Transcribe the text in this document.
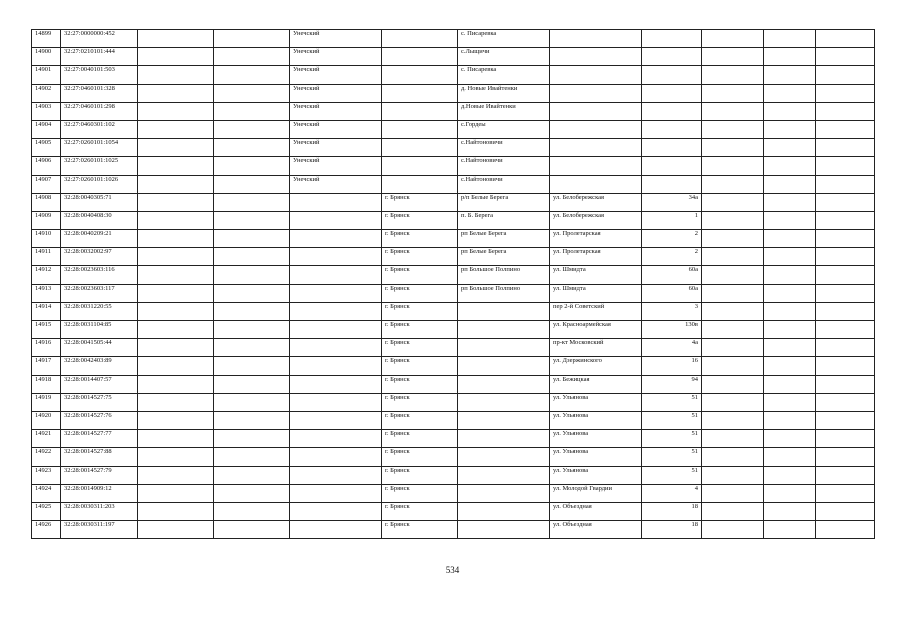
14899	32:27:0000000:452			Унечский		с. Писаревка					
14900	32:27:0210101:444			Унечский		с.Лыщичи					
14901	32:27:0040101:503			Унечский		с. Писаревка					
14902	32:27:0460101:328			Унечский		д. Новые Ивайтенки					
14903	32:27:0460101:298			Унечский		д.Новые Ивайтенки					
14904	32:27:0460301:102			Унечский		с.Гордеы					
14905	32:27:0260101:1054			Унечский		с.Найтоновичи					
14906	32:27:0260101:1025			Унечский		с.Найтоновичи					
14907	32:27:0260101:1026			Унечский		с.Найтоновичи					
14908	32:28:0040305:71				г. Брянск	р/п Белые Берега	ул. Белобережская	34а			
14909	32:28:0040408:30				г. Брянск	п. Б. Берега	ул. Белобережская	1			
14910	32:28:0040209:21				г. Брянск	рп Белые Берега	ул. Пролетарская	2			
14911	32:28:0032002:97				г. Брянск	рп Белые Берега	ул. Пролетарская	2			
14912	32:28:0023603:116				г. Брянск	рп Большое Полпино	ул. Шмидта	60а			
14913	32:28:0023603:117				г. Брянск	рп Большое Полпино	ул. Шмидта	60а			
14914	32:28:0031220:55				г. Брянск		пер 2-й Советский	3			
14915	32:28:0031104:85				г. Брянск		ул. Красноармейская	130в			
14916	32:28:0041505:44				г. Брянск		пр-кт Московский	4а			
14917	32:28:0042403:89				г. Брянск		ул. Дзержинского	16			
14918	32:28:0014407:57				г. Брянск		ул. Бежицкая	94			
14919	32:28:0014527:75				г. Брянск		ул. Ульянова	51			
14920	32:28:0014527:76				г. Брянск		ул. Ульянова	51			
14921	32:28:0014527:77				г. Брянск		ул. Ульянова	51			
14922	32:28:0014527:88				г. Брянск		ул. Ульянова	51			
14923	32:28:0014527:79				г. Брянск		ул. Ульянова	51			
14924	32:28:0014909:12				г. Брянск		ул. Молодой Гвардии	4			
14925	32:28:0030311:203				г. Брянск		ул. Объездная	18			
14926	32:28:0030311:197				г. Брянск		ул. Объездная	18			
534
